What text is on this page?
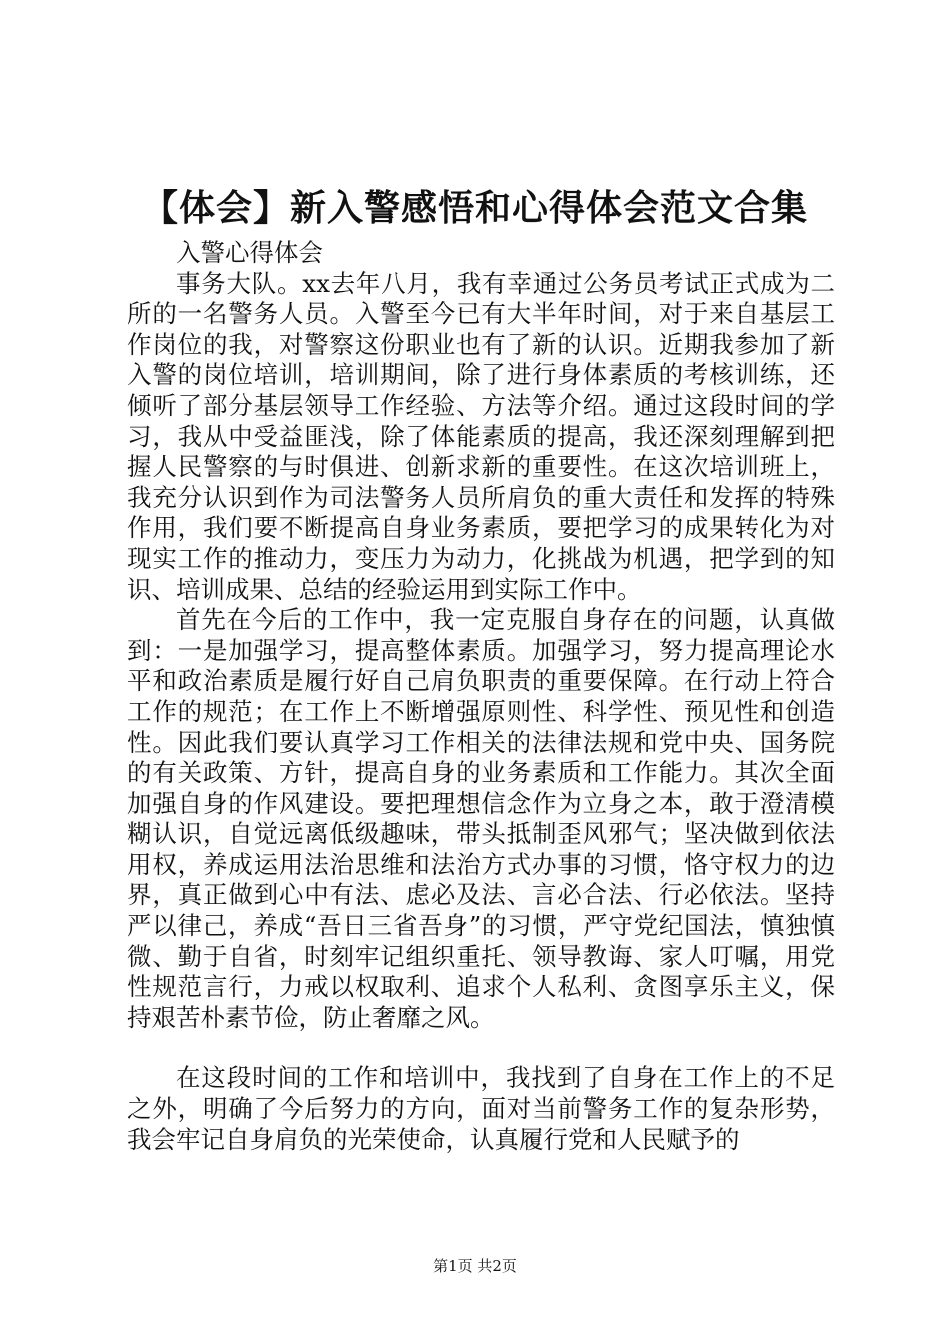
【体会】新入警感悟和心得体会范文合集

入警心得体会

事务大队。xx去年八月，我有幸通过公务员考试正式成为二所的一名警务人员。入警至今已有大半年时间，对于来自基层工作岗位的我，对警察这份职业也有了新的认识。近期我参加了新入警的岗位培训，培训期间，除了进行身体素质的考核训练，还倾听了部分基层领导工作经验、方法等介绍。通过这段时间的学习，我从中受益匪浅，除了体能素质的提高，我还深刻理解到把握人民警察的与时俱进、创新求新的重要性。在这次培训班上，我充分认识到作为司法警务人员所肩负的重大责任和发挥的特殊作用，我们要不断提高自身业务素质，要把学习的成果转化为对现实工作的推动力，变压力为动力，化挑战为机遇，把学到的知识、培训成果、总结的经验运用到实际工作中。

首先在今后的工作中，我一定克服自身存在的问题，认真做到：一是加强学习，提高整体素质。加强学习，努力提高理论水平和政治素质是履行好自己肩负职责的重要保障。在行动上符合工作的规范；在工作上不断增强原则性、科学性、预见性和创造性。因此我们要认真学习工作相关的法律法规和党中央、国务院的有关政策、方针，提高自身的业务素质和工作能力。其次全面加强自身的作风建设。要把理想信念作为立身之本，敢于澄清模糊认识，自觉远离低级趣味，带头抵制歪风邪气；坚决做到依法用权，养成运用法治思维和法治方式办事的习惯，恪守权力的边界，真正做到心中有法、虑必及法、言必合法、行必依法。坚持严以律己，养成“吾日三省吾身”的习惯，严守党纪国法，慎独慎微、勤于自省，时刻牢记组织重托、领导教诲、家人叮嘱，用党性规范言行，力戒以权取利、追求个人私利、贪图享乐主义，保持艰苦朴素节俭，防止奢靡之风。

在这段时间的工作和培训中，我找到了自身在工作上的不足之外，明确了今后努力的方向，面对当前警务工作的复杂形势，我会牢记自身肩负的光荣使命，认真履行党和人民赋予的

第1页 共2页
